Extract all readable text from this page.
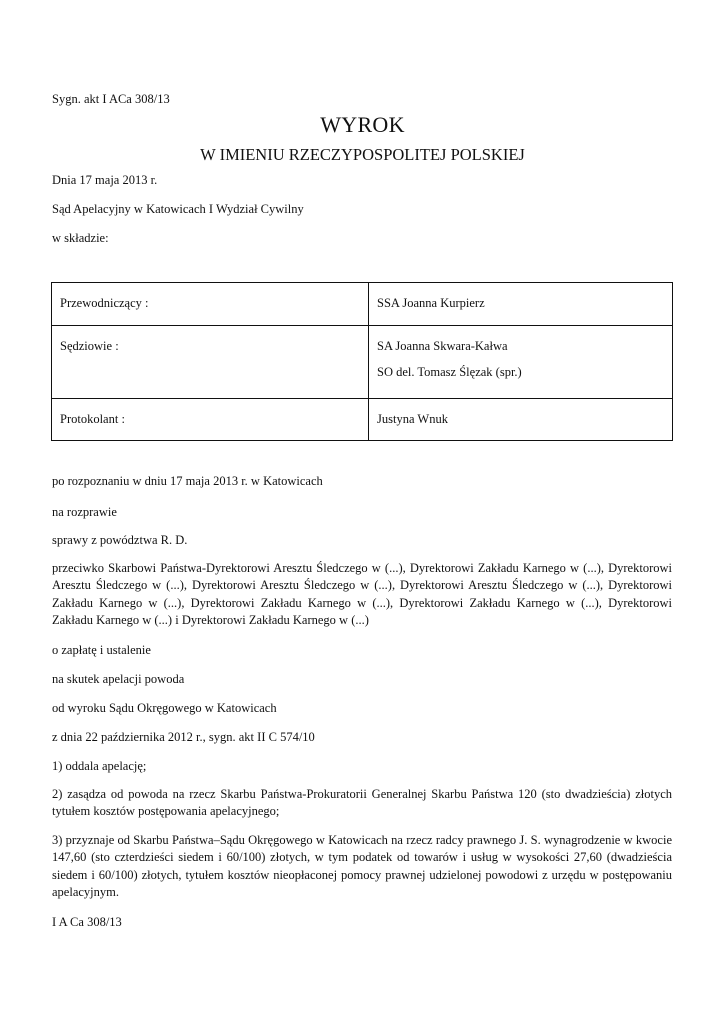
Sygn. akt I ACa 308/13
WYROK
W IMIENIU RZECZYPOSPOLITEJ POLSKIEJ
Dnia 17 maja 2013 r.
Sąd Apelacyjny w Katowicach I Wydział Cywilny
w składzie:
Przewodniczący :	SSA Joanna Kurpierz

Sędziowie :	SA Joanna Skwara-Kałwa
SO del. Tomasz Ślęzak (spr.)

Protokolant :	Justyna Wnuk
po rozpoznaniu w dniu 17 maja 2013 r. w Katowicach
na rozprawie
sprawy z powództwa R. D.
przeciwko Skarbowi Państwa-Dyrektorowi Aresztu Śledczego w (...), Dyrektorowi Zakładu Karnego w (...), Dyrektorowi Aresztu Śledczego w (...), Dyrektorowi Aresztu Śledczego w (...), Dyrektorowi Aresztu Śledczego w (...), Dyrektorowi Zakładu Karnego w (...), Dyrektorowi Zakładu Karnego w (...), Dyrektorowi Zakładu Karnego w (...), Dyrektorowi Zakładu Karnego w (...) i Dyrektorowi Zakładu Karnego w (...)
o zapłatę i ustalenie
na skutek apelacji powoda
od wyroku Sądu Okręgowego w Katowicach
z dnia 22 października 2012 r., sygn. akt II C 574/10
1) oddala apelację;
2) zasądza od powoda na rzecz Skarbu Państwa-Prokuratorii Generalnej Skarbu Państwa 120 (sto dwadzieścia) złotych tytułem kosztów postępowania apelacyjnego;
3) przyznaje od Skarbu Państwa–Sądu Okręgowego w Katowicach na rzecz radcy prawnego J. S. wynagrodzenie w kwocie 147,60 (sto czterdzieści siedem i 60/100) złotych, w tym podatek od towarów i usług w wysokości 27,60 (dwadzieścia siedem i 60/100) złotych, tytułem kosztów nieopłaconej pomocy prawnej udzielonej powodowi z urzędu w postępowaniu apelacyjnym.
I A Ca 308/13
